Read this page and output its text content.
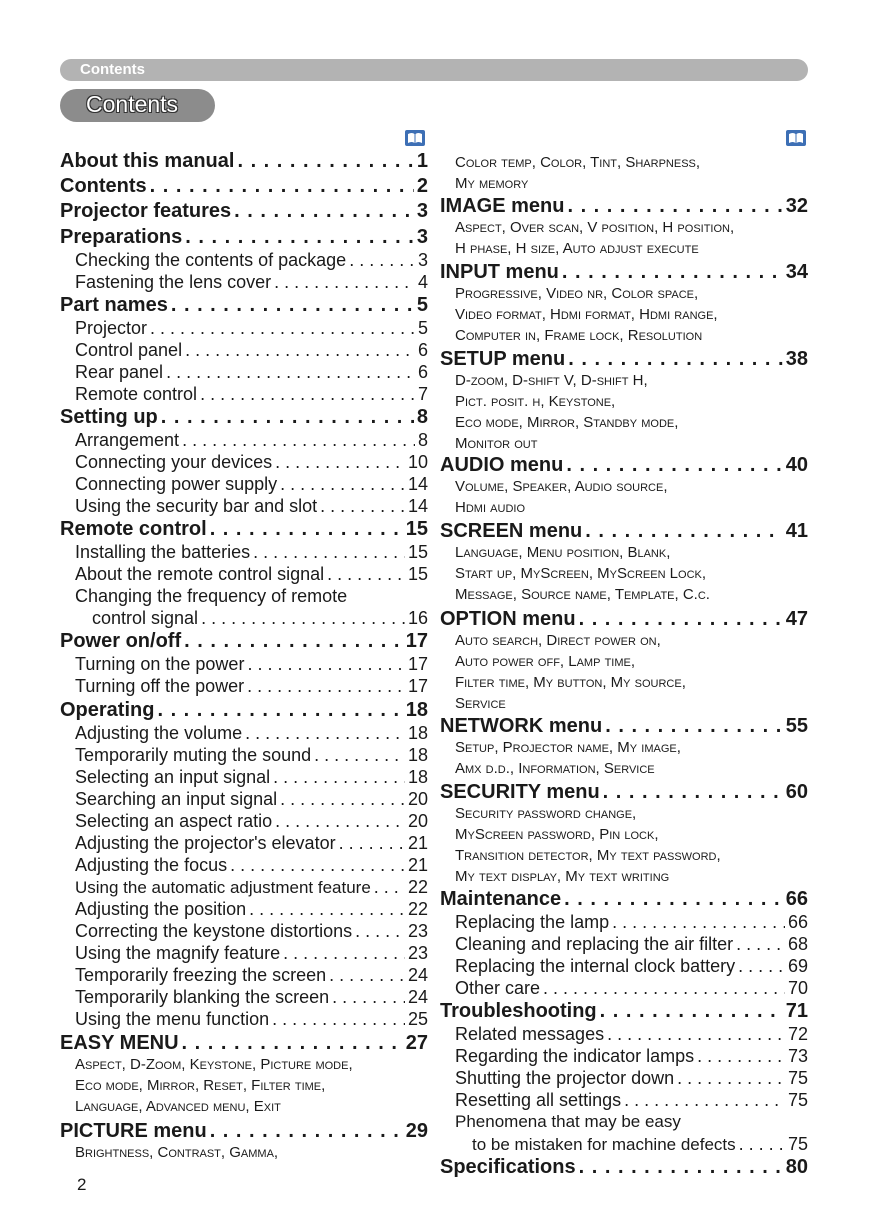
Contents
Contents
About this manual . . .	1
Contents . . .	2
Projector features . . .	3
Preparations . . .	3
Checking the contents of package . . .	3
Fastening the lens cover . . .	4
Part names . . .	5
Projector . . .	5
Control panel . . .	6
Rear panel . . .	6
Remote control . . .	7
Setting up . . .	8
Arrangement . . .	8
Connecting your devices . . .	10
Connecting power supply . . .	14
Using the security bar and slot . . .	14
Remote control . . .	15
Installing the batteries . . .	15
About the remote control signal . . .	15
Changing the frequency of remote
control signal . . .	16
Power on/off . . .	17
Turning on the power . . .	17
Turning off the power . . .	17
Operating . . .	18
Adjusting the volume . . .	18
Temporarily muting the sound . . .	18
Selecting an input signal . . .	18
Searching an input signal . . .	20
Selecting an aspect ratio . . .	20
Adjusting the projector's elevator . . .	21
Adjusting the focus . . .	21
Using the automatic adjustment feature . . . 22
Adjusting the position . . .	22
Correcting the keystone distortions . . .	23
Using the magnify feature . . .	23
Temporarily freezing the screen . . .	24
Temporarily blanking the screen . . .	24
Using the menu function . . .	25
EASY MENU . . .	27
Aspect, D-Zoom, Keystone, Picture mode,
Eco mode, Mirror, Reset, Filter time,
Language, Advanced menu, Exit
PICTURE menu . . .	29
Brightness, Contrast, Gamma,
Color temp, Color, Tint, Sharpness,
My memory
IMAGE menu . . .	32
Aspect, Over scan, V position, H position,
H phase, H size, Auto adjust execute
INPUT menu . . .	34
Progressive, Video nr, Color space,
Video format, Hdmi format, Hdmi range,
Computer in, Frame lock, Resolution
SETUP menu . . .	38
D-zoom, D-shift V, D-shift H,
Pict. posit. h, Keystone,
Eco mode, Mirror, Standby mode,
Monitor out
AUDIO menu . . .	40
Volume, Speaker, Audio source,
Hdmi audio
SCREEN menu . . .	41
Language, Menu position, Blank,
Start up, MyScreen, MyScreen Lock,
Message, Source name, Template, C.c.
OPTION menu . . .	47
Auto search, Direct power on,
Auto power off, Lamp time,
Filter time, My button, My source,
Service
NETWORK menu . . .	55
Setup, Projector name, My image,
Amx d.d., Information, Service
SECURITY menu . . .	60
Security password change,
MyScreen password, Pin lock,
Transition detector, My text password,
My text display, My text writing
Maintenance . . .	66
Replacing the lamp . . .	66
Cleaning and replacing the air filter . . .	68
Replacing the internal clock battery . . .	69
Other care . . .	70
Troubleshooting . . .	71
Related messages . . .	72
Regarding the indicator lamps . . .	73
Shutting the projector down . . .	75
Resetting all settings . . .	75
Phenomena that may be easy
to be mistaken for machine defects . . .	75
Specifications . . .	80
2
